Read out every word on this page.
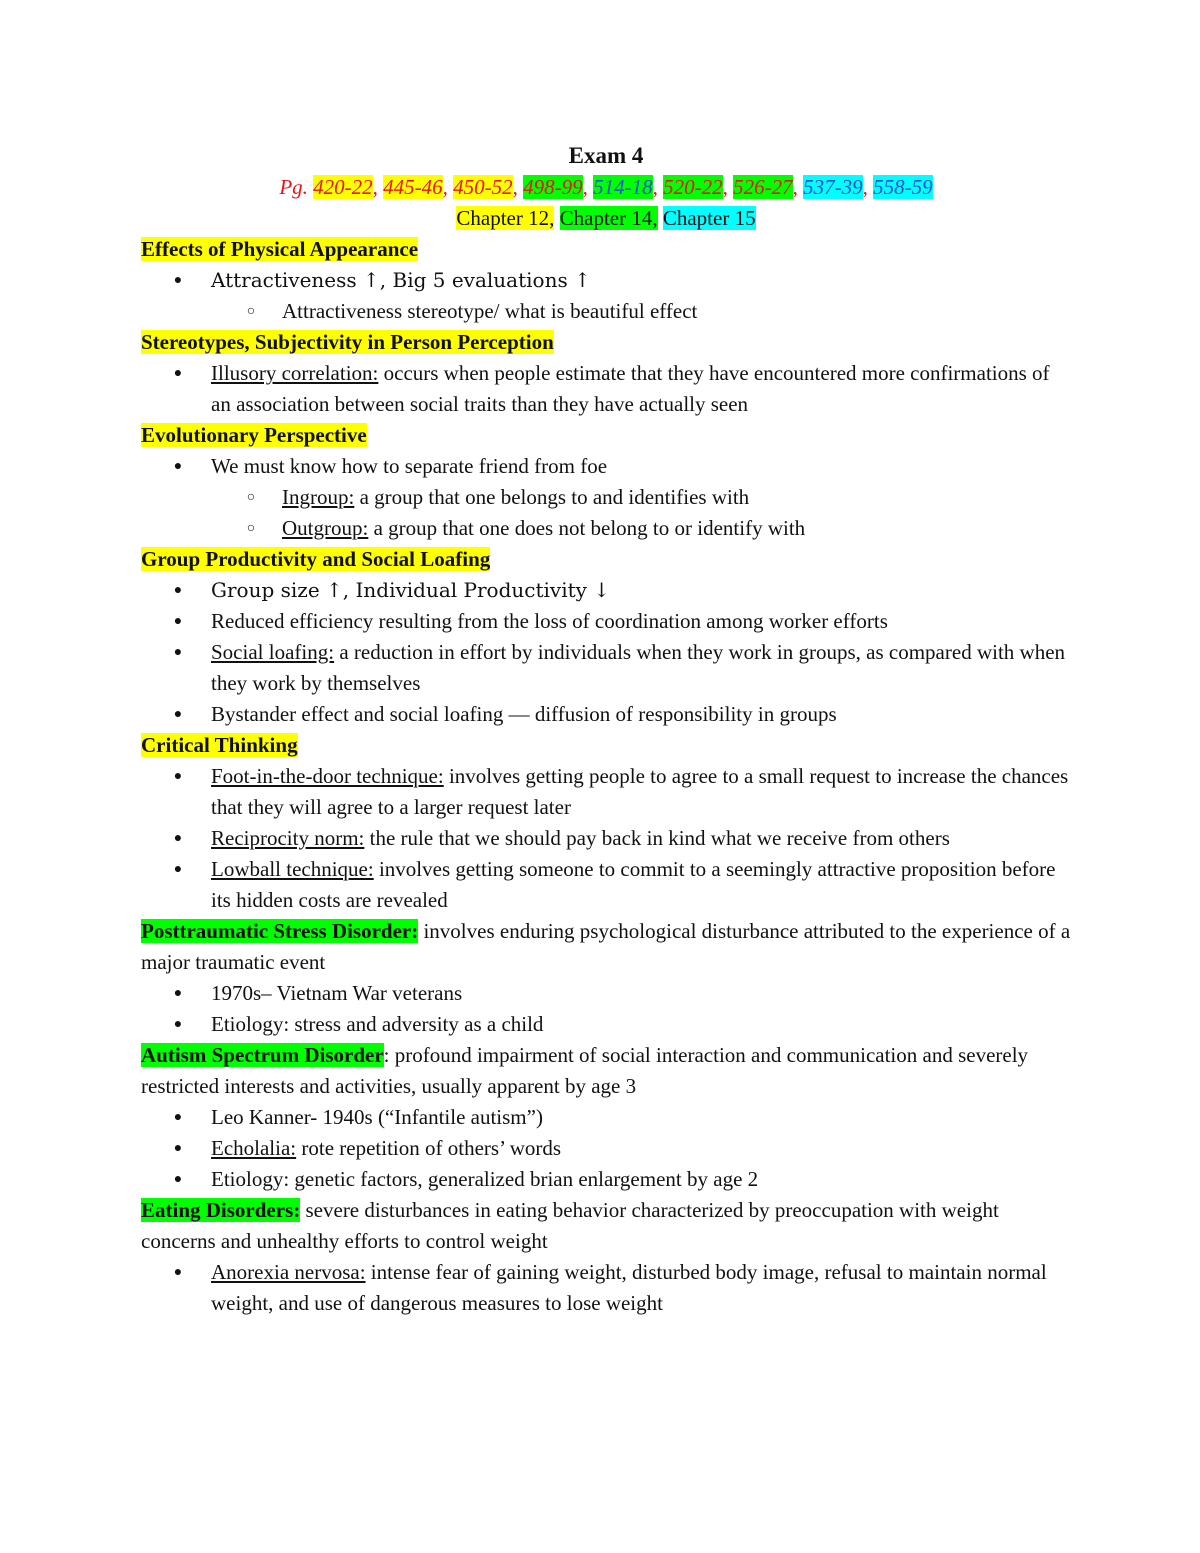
Exam 4
Pg. 420-22, 445-46, 450-52, 498-99, 514-18, 520-22, 526-27, 537-39, 558-59
Chapter 12, Chapter 14, Chapter 15
Effects of Physical Appearance
●
Attractiveness ↑, Big 5 evaluations ↑
○
Attractiveness stereotype/ what is beautiful effect
Stereotypes, Subjectivity in Person Perception
●
Illusory correlation: occurs when people estimate that they have encountered more confirmations of an association between social traits than they have actually seen
Evolutionary Perspective
●
We must know how to separate friend from foe
○
Ingroup: a group that one belongs to and identifies with
○
Outgroup: a group that one does not belong to or identify with
Group Productivity and Social Loafing
●
Group size ↑, Individual Productivity ↓
●
Reduced efficiency resulting from the loss of coordination among worker efforts
●
Social loafing: a reduction in effort by individuals when they work in groups, as compared with when they work by themselves
●
Bystander effect and social loafing — diffusion of responsibility in groups
Critical Thinking
●
Foot-in-the-door technique: involves getting people to agree to a small request to increase the chances that they will agree to a larger request later
●
Reciprocity norm: the rule that we should pay back in kind what we receive from others
●
Lowball technique: involves getting someone to commit to a seemingly attractive proposition before its hidden costs are revealed
Posttraumatic Stress Disorder: involves enduring psychological disturbance attributed to the experience of a major traumatic event
●
1970s– Vietnam War veterans
●
Etiology: stress and adversity as a child
Autism Spectrum Disorder: profound impairment of social interaction and communication and severely restricted interests and activities, usually apparent by age 3
●
Leo Kanner- 1940s (“Infantile autism”)
●
Echolalia: rote repetition of others’ words
●
Etiology: genetic factors, generalized brian enlargement by age 2
Eating Disorders: severe disturbances in eating behavior characterized by preoccupation with weight concerns and unhealthy efforts to control weight
●
Anorexia nervosa: intense fear of gaining weight, disturbed body image, refusal to maintain normal weight, and use of dangerous measures to lose weight
